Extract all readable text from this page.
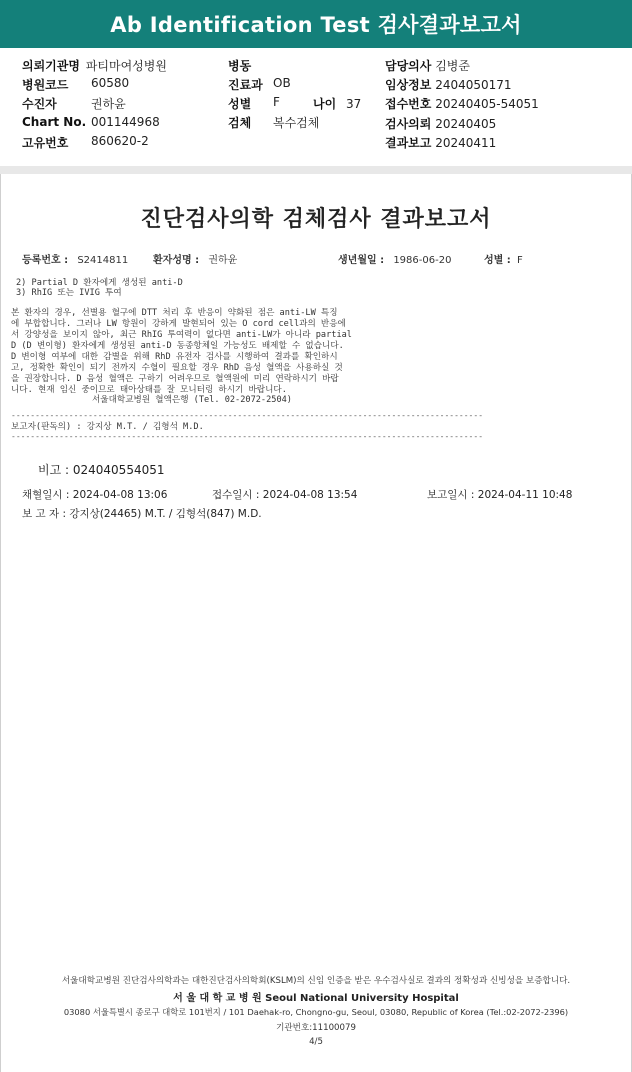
Ab Identification Test 검사결과보고서
의뢰기관명 파티마여성병원
병원코드 60580
수진자	권하윤
Chart No. 001144968
고유번호 860620-2
병동
진료과 OB
성별 F	나이 37
검체 복수검체
담당의사 김병준
임상정보 2404050171
접수번호 20240405-54051
검사의뢰 20240405
결과보고 20240411
진단검사의학 검체검사 결과보고서
등록번호 : S2414811 환자성명 : 권하윤	생년월일 : 1986-06-20	성별 : F
2) Partial D 환자에게 생성된 anti-D
3) RhIG 또는 IVIG 투여
본 환자의 경우, 선별용 혈구에 DTT 처리 후 반응이 약화된 점은 anti-LW 특징
에 부합합니다. 그러나 LW 항원이 강하게 발현되어 있는 O cord cell과의 반응에
서 강양성을 보이지 않아, 최근 RhIG 투여력이 없다면 anti-LW가 아니라 partial
D (D 변이형) 환자에게 생성된 anti-D 동종항체일 가능성도 배제할 수 없습니다.
D 변이형 여부에 대한 감별을 위해 RhD 유전자 검사를 시행하여 결과를 확인하시
고, 정확한 확인이 되기 전까지 수혈이 필요할 경우 RhD 음성 혈액을 사용하실 것
을 권장합니다. D 음성 혈액은 구하기 어려우므로 혈액원에 미리 연락하시기 바랍
니다. 현재 임신 중이므로 태아상태를 잘 모니터링 하시기 바랍니다.
서울대학교병원 혈액은행 (Tel. 02-2072-2504)
--------------------------------------------------------------------------------------------------
보고자(판독의) : 강지상 M.T. / 김형석 M.D.
--------------------------------------------------------------------------------------------------
비고 : 024040554051
채혈일시 : 2024-04-08 13:06	접수일시 : 2024-04-08 13:54	보고일시 : 2024-04-11 10:48
보 고 자 : 강지상(24465) M.T. / 김형석(847) M.D.
서울대학교병원 진단검사의학과는 대한진단검사의학회(KSLM)의 신임 인증을 받은 우수검사실로 결과의 정확성과 신빙성을 보증합니다.
서 울 대 학 교 병 원 Seoul National University Hospital
03080 서울특별시 종로구 대학로 101번지 / 101 Daehak-ro, Chongno-gu, Seoul, 03080, Republic of Korea (Tel.:02-2072-2396)
기관번호:11100079
4/5
